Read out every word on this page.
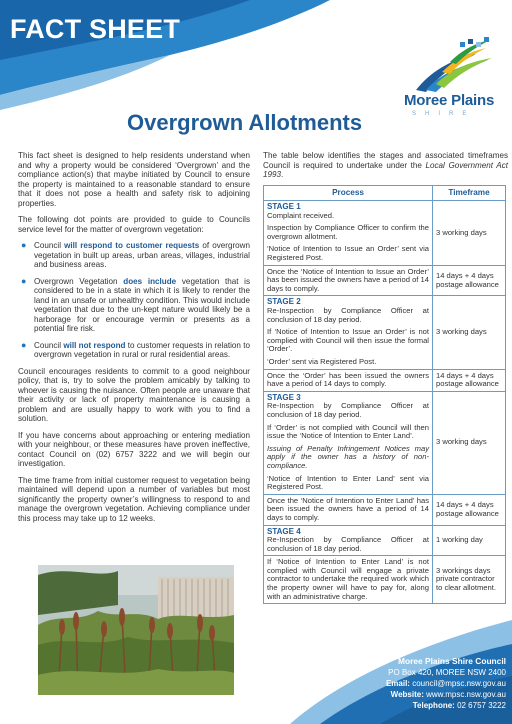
FACT SHEET
Moree Plains
SHIRE
Overgrown Allotments

This fact sheet is designed to help residents understand when and why a property would be considered ‘Overgrown’ and the compliance action(s) that maybe initiated by Council to ensure the property is maintained to a reasonable standard to ensure that it does not pose a health and safety risk to adjoining properties.

The following dot points are provided to guide to Councils service level for the matter of overgrown vegetation:

● Council will respond to customer requests of overgrown vegetation in built up areas, urban areas, villages, industrial and business areas.
● Overgrown Vegetation does include vegetation that is considered to be in a state in which it is likely to render the land in an unsafe or unhealthy condition. This would include vegetation that due to the un-kept nature would likely be a harborage for or encourage vermin or presents as a potential fire risk.
● Council will not respond to customer requests in relation to overgrown vegetation in rural or rural residential areas.

Council encourages residents to commit to a good neighbour policy, that is, try to solve the problem amicably by talking to whoever is causing the nuisance. Often people are unaware that their activity or lack of property maintenance is causing a problem and are usually happy to work with you to find a solution.

If you have concerns about approaching or entering mediation with your neighbour, or these measures have proven ineffective, contact Council on (02) 6757 3222 and we will begin our investigation.

The time frame from initial customer request to vegetation being maintained will depend upon a number of variables but most significantly the property owner’s willingness to respond to and manage the overgrown vegetation. Achieving compliance under this process may take up to 12 weeks.

The table below identifies the stages and associated timeframes Council is required to undertake under the Local Government Act 1993.

Process	Timeframe

STAGE 1
Complaint received.
Inspection by Compliance Officer to confirm the overgrown allotment.
‘Notice of Intention to Issue an Order’ sent via Registered Post.	3 working days
Once the ‘Notice of Intention to Issue an Order’ has been issued the owners have a period of 14 days to comply.	14 days + 4 days postage allowance

STAGE 2
Re-Inspection by Compliance Officer at conclusion of 18 day period.
If ‘Notice of Intention to Issue an Order’ is not complied with Council will then issue the formal ‘Order’.
‘Order’ sent via Registered Post.	3 working days
Once the ‘Order’ has been issued the owners have a period of 14 days to comply.	14 days + 4 days postage allowance

STAGE 3
Re-Inspection by Compliance Officer at conclusion of 18 day period.
If ‘Order’ is not complied with Council will then issue the ‘Notice of Intention to Enter Land’.
Issuing of Penalty Infringement Notices may apply if the owner has a history of non-compliance.
‘Notice of Intention to Enter Land’ sent via Registered Post.	3 working days
Once the ‘Notice of Intention to Enter Land’ has been issued the owners have a period of 14 days to comply.	14 days + 4 days postage allowance

STAGE 4
Re-Inspection by Compliance Officer at conclusion of 18 day period.	1 working day
If ‘Notice of Intention to Enter Land’ is not complied with Council will engage a private contractor to undertake the required work which the property owner will have to pay for, along with an administrative charge.	3 workings days private contractor to clear allotment.
Moree Plains Shire Council
PO Box 420, MOREE NSW 2400
Email: council@mpsc.nsw.gov.au
Website: www.mpsc.nsw.gov.au
Telephone: 02 6757 3222
